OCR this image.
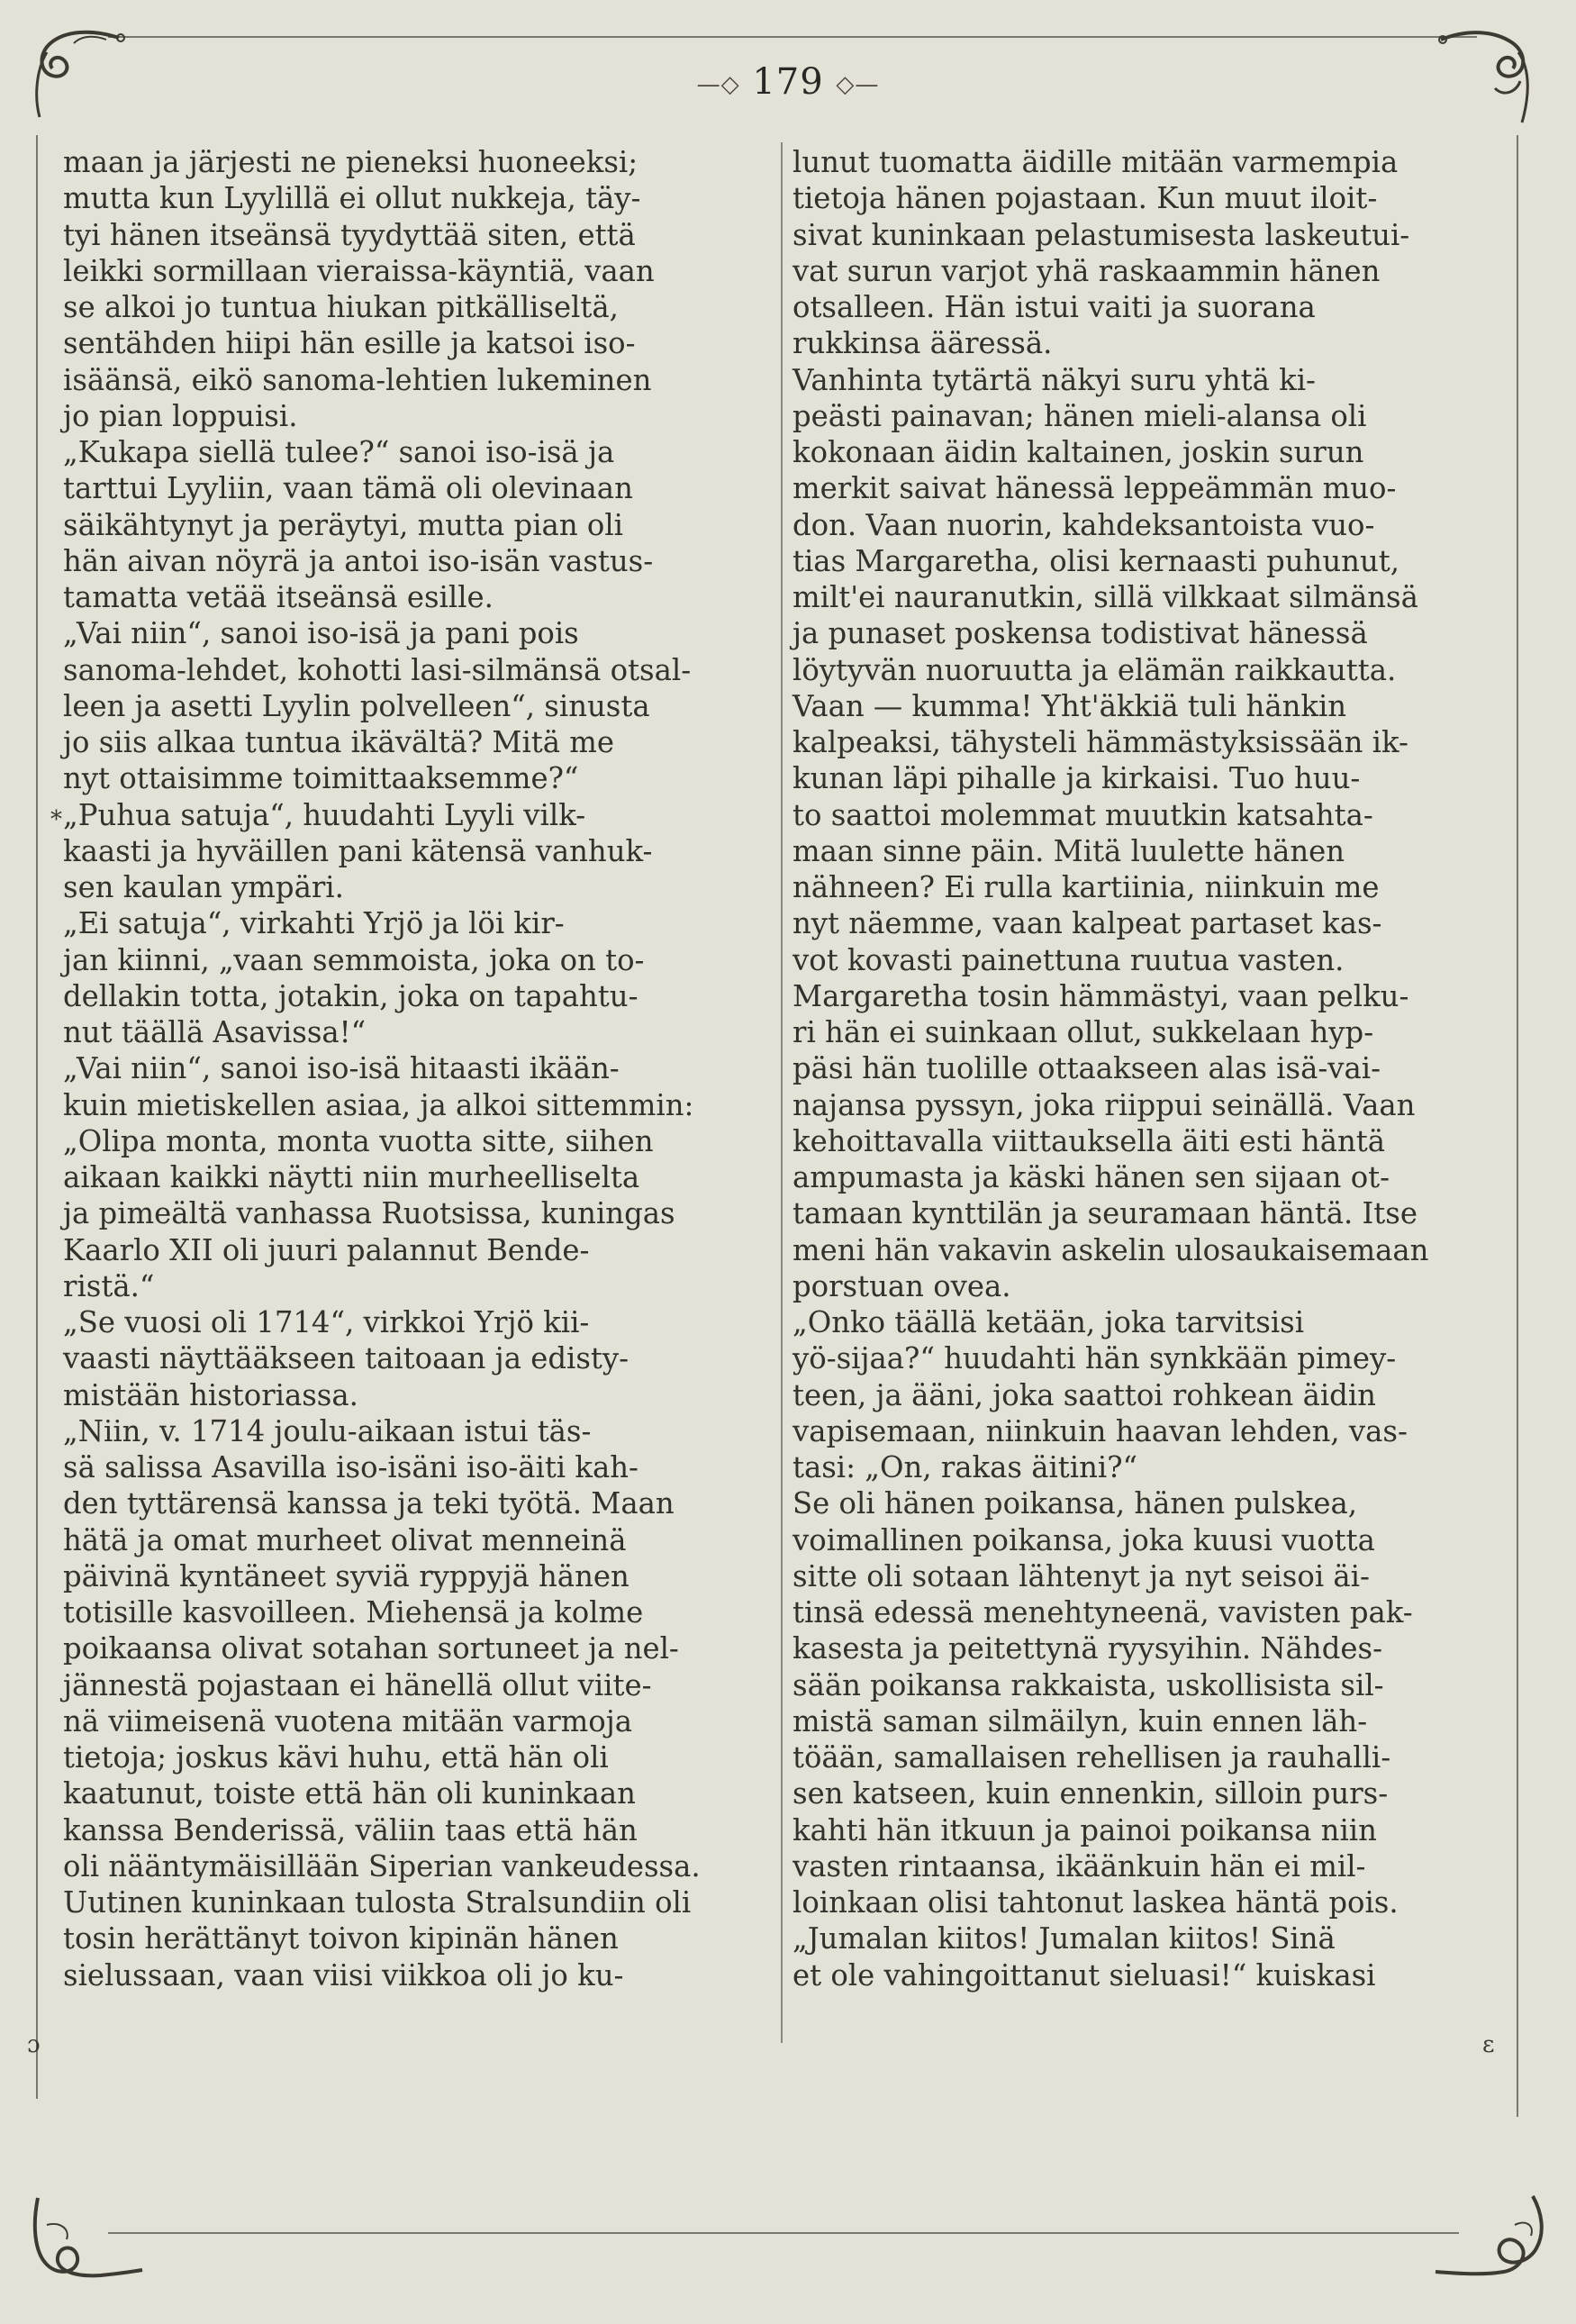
—◇ 179 ◇—
*
ɔ	ɛ
maan ja järjesti ne pieneksi huoneeksi;
mutta kun Lyylillä ei ollut nukkeja, täy-
tyi hänen itseänsä tyydyttää siten, että
leikki sormillaan vieraissa-käyntiä, vaan
se alkoi jo tuntua hiukan pitkälliseltä,
sentähden hiipi hän esille ja katsoi iso-
isäänsä, eikö sanoma-lehtien lukeminen
jo pian loppuisi.
„Kukapa siellä tulee?“ sanoi iso-isä ja
tarttui Lyyliin, vaan tämä oli olevinaan
säikähtynyt ja peräytyi, mutta pian oli
hän aivan nöyrä ja antoi iso-isän vastus-
tamatta vetää itseänsä esille.
„Vai niin“, sanoi iso-isä ja pani pois
sanoma-lehdet, kohotti lasi-silmänsä otsal-
leen ja asetti Lyylin polvelleen“, sinusta
jo siis alkaa tuntua ikävältä? Mitä me
nyt ottaisimme toimittaaksemme?“
„Puhua satuja“, huudahti Lyyli vilk-
kaasti ja hyväillen pani kätensä vanhuk-
sen kaulan ympäri.
„Ei satuja“, virkahti Yrjö ja löi kir-
jan kiinni, „vaan semmoista, joka on to-
dellakin totta, jotakin, joka on tapahtu-
nut täällä Asavissa!“
„Vai niin“, sanoi iso-isä hitaasti ikään-
kuin mietiskellen asiaa, ja alkoi sittemmin:
„Olipa monta, monta vuotta sitte, siihen
aikaan kaikki näytti niin murheelliselta
ja pimeältä vanhassa Ruotsissa, kuningas
Kaarlo XII oli juuri palannut Bende-
ristä.“
„Se vuosi oli 1714“, virkkoi Yrjö kii-
vaasti näyttääkseen taitoaan ja edisty-
mistään historiassa.
„Niin, v. 1714 joulu-aikaan istui täs-
sä salissa Asavilla iso-isäni iso-äiti kah-
den tyttärensä kanssa ja teki työtä. Maan
hätä ja omat murheet olivat menneinä
päivinä kyntäneet syviä ryppyjä hänen
totisille kasvoilleen. Miehensä ja kolme
poikaansa olivat sotahan sortuneet ja nel-
jännestä pojastaan ei hänellä ollut viite-
nä viimeisenä vuotena mitään varmoja
tietoja; joskus kävi huhu, että hän oli
kaatunut, toiste että hän oli kuninkaan
kanssa Benderissä, väliin taas että hän
oli nääntymäisillään Siperian vankeudessa.
Uutinen kuninkaan tulosta Stralsundiin oli
tosin herättänyt toivon kipinän hänen
sielussaan, vaan viisi viikkoa oli jo ku-
lunut tuomatta äidille mitään varmempia
tietoja hänen pojastaan. Kun muut iloit-
sivat kuninkaan pelastumisesta laskeutui-
vat surun varjot yhä raskaammin hänen
otsalleen. Hän istui vaiti ja suorana
rukkinsa ääressä.
Vanhinta tytärtä näkyi suru yhtä ki-
peästi painavan; hänen mieli-alansa oli
kokonaan äidin kaltainen, joskin surun
merkit saivat hänessä leppeämmän muo-
don. Vaan nuorin, kahdeksantoista vuo-
tias Margaretha, olisi kernaasti puhunut,
milt'ei nauranutkin, sillä vilkkaat silmänsä
ja punaset poskensa todistivat hänessä
löytyvän nuoruutta ja elämän raikkautta.
Vaan — kumma! Yht'äkkiä tuli hänkin
kalpeaksi, tähysteli hämmästyksissään ik-
kunan läpi pihalle ja kirkaisi. Tuo huu-
to saattoi molemmat muutkin katsahta-
maan sinne päin. Mitä luulette hänen
nähneen? Ei rulla kartiinia, niinkuin me
nyt näemme, vaan kalpeat partaset kas-
vot kovasti painettuna ruutua vasten.
Margaretha tosin hämmästyi, vaan pelku-
ri hän ei suinkaan ollut, sukkelaan hyp-
päsi hän tuolille ottaakseen alas isä-vai-
najansa pyssyn, joka riippui seinällä. Vaan
kehoittavalla viittauksella äiti esti häntä
ampumasta ja käski hänen sen sijaan ot-
tamaan kynttilän ja seuramaan häntä. Itse
meni hän vakavin askelin ulosaukaisemaan
porstuan ovea.
„Onko täällä ketään, joka tarvitsisi
yö-sijaa?“ huudahti hän synkkään pimey-
teen, ja ääni, joka saattoi rohkean äidin
vapisemaan, niinkuin haavan lehden, vas-
tasi: „On, rakas äitini?“
Se oli hänen poikansa, hänen pulskea,
voimallinen poikansa, joka kuusi vuotta
sitte oli sotaan lähtenyt ja nyt seisoi äi-
tinsä edessä menehtyneenä, vavisten pak-
kasesta ja peitettynä ryysyihin. Nähdes-
sään poikansa rakkaista, uskollisista sil-
mistä saman silmäilyn, kuin ennen läh-
töään, samallaisen rehellisen ja rauhalli-
sen katseen, kuin ennenkin, silloin purs-
kahti hän itkuun ja painoi poikansa niin
vasten rintaansa, ikäänkuin hän ei mil-
loinkaan olisi tahtonut laskea häntä pois.
„Jumalan kiitos! Jumalan kiitos! Sinä
et ole vahingoittanut sieluasi!“ kuiskasi
